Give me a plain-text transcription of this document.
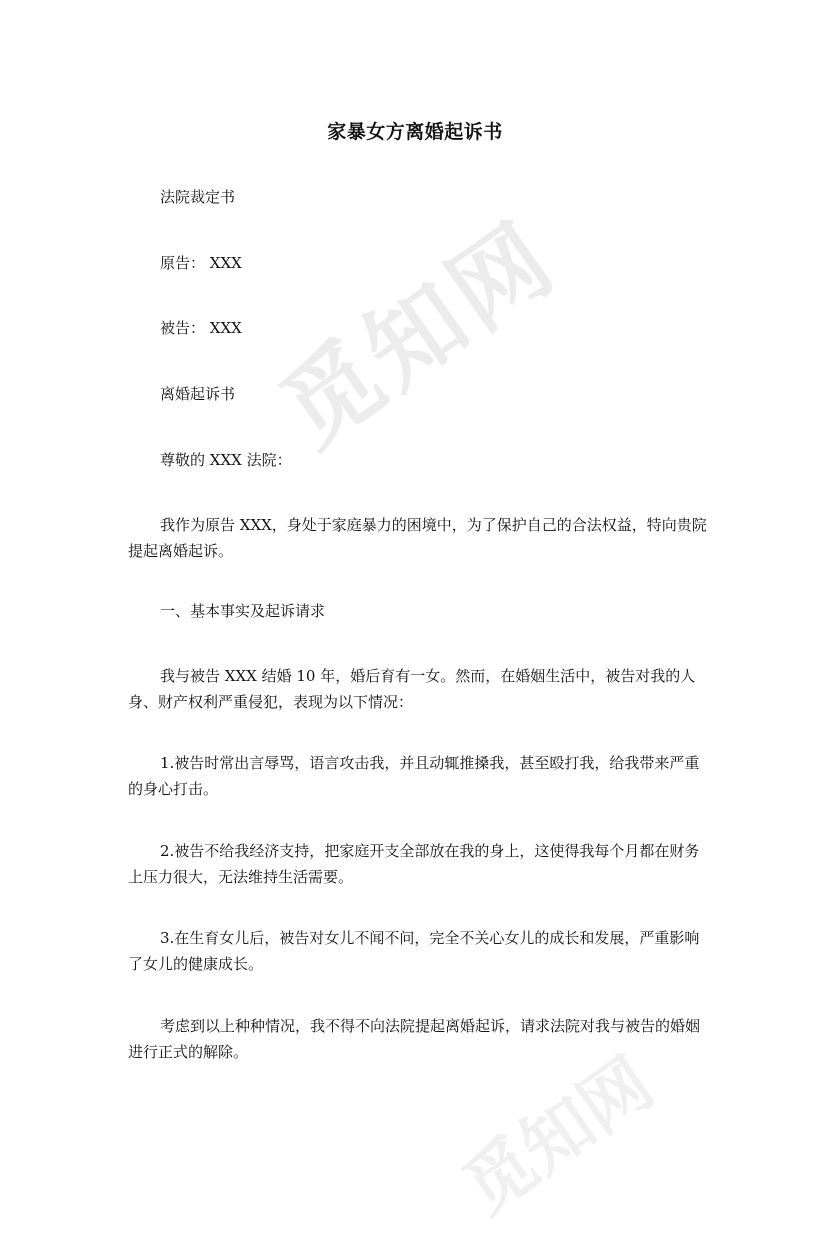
觅知网
觅知网
家暴女方离婚起诉书
法院裁定书
原告： XXX
被告： XXX
离婚起诉书
尊敬的 XXX 法院：
我作为原告 XXX，身处于家庭暴力的困境中，为了保护自己的合法权益，特向贵院提起离婚起诉。
一、基本事实及起诉请求
我与被告 XXX 结婚 10 年，婚后育有一女。然而，在婚姻生活中，被告对我的人身、财产权利严重侵犯，表现为以下情况：
1.被告时常出言辱骂，语言攻击我，并且动辄推搡我，甚至殴打我，给我带来严重的身心打击。
2.被告不给我经济支持，把家庭开支全部放在我的身上，这使得我每个月都在财务上压力很大，无法维持生活需要。
3.在生育女儿后，被告对女儿不闻不问，完全不关心女儿的成长和发展，严重影响了女儿的健康成长。
考虑到以上种种情况，我不得不向法院提起离婚起诉，请求法院对我与被告的婚姻进行正式的解除。
